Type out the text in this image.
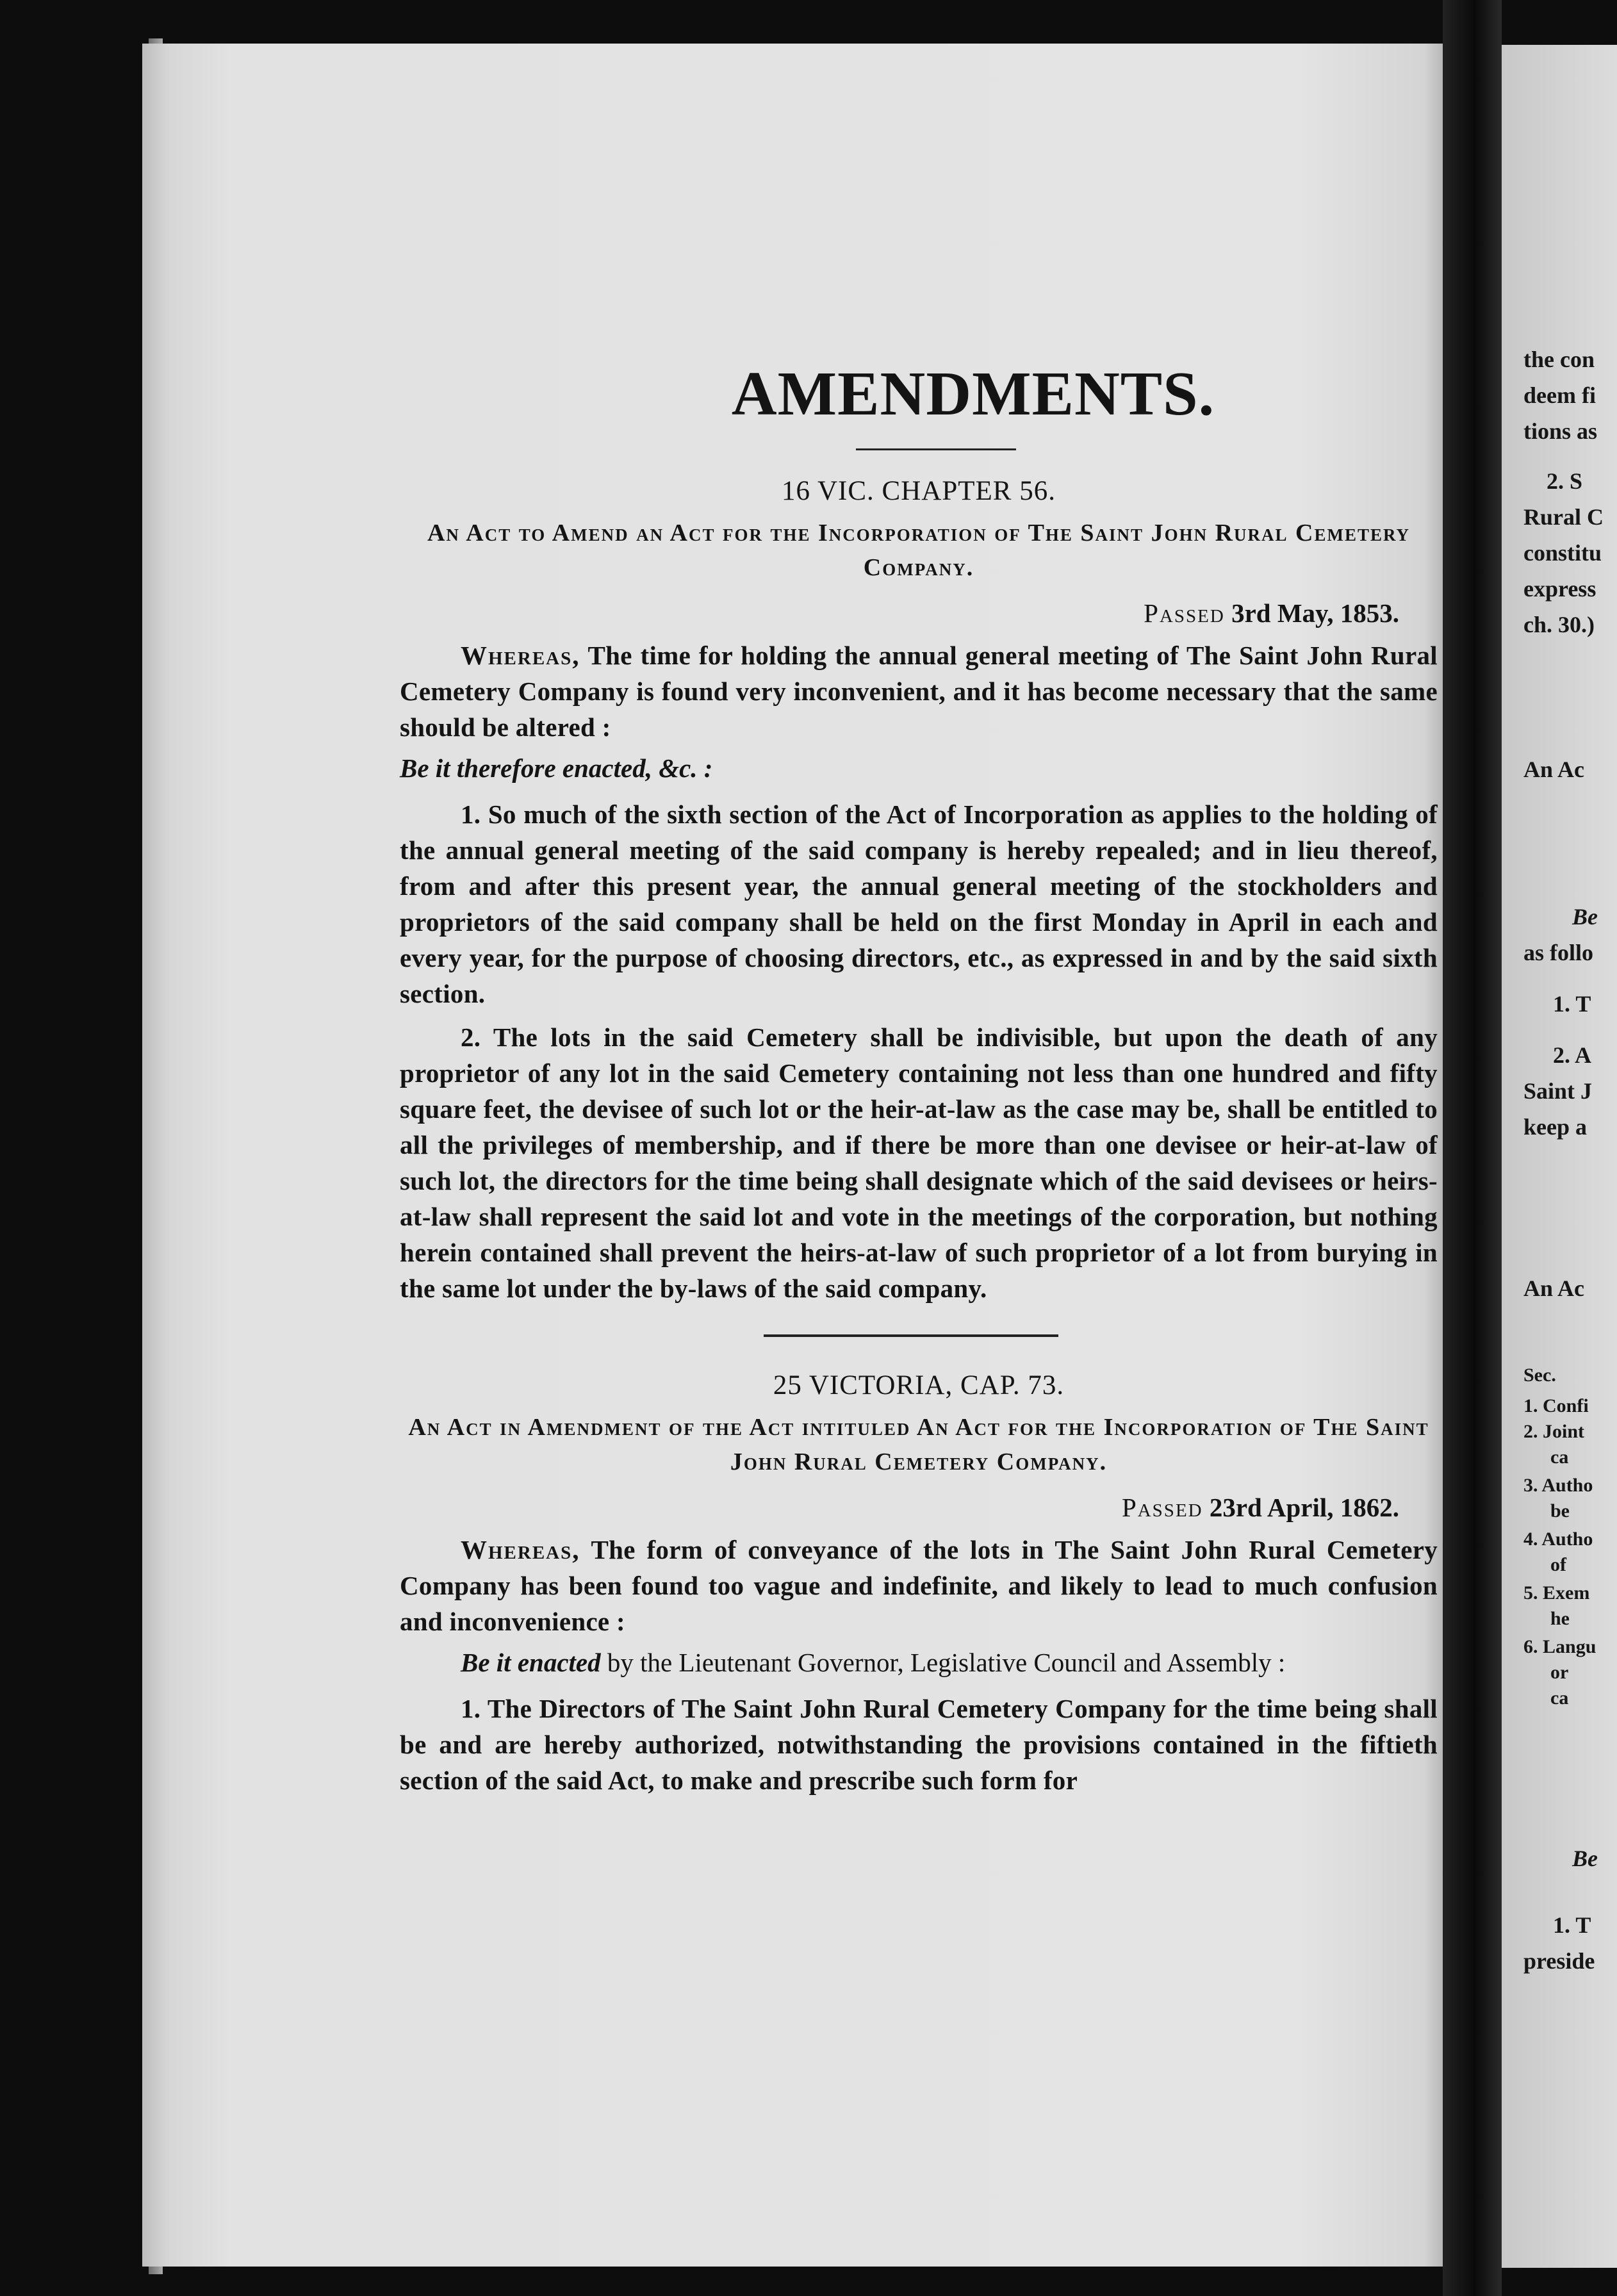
the con
deem fi
tions as
2. S
Rural C
constitu
express
ch. 30.)
An Ac
Be
as follo
1. T
2. A
Saint J
keep a
An Ac
Sec.
1. Confi
2. Joint
ca
3. Autho
be
4. Autho
of
5. Exem
he
6. Langu
or
ca
Be
1. T
preside
AMENDMENTS.
16 VIC. CHAPTER 56.
An Act to Amend an Act for the Incorporation of The Saint John Rural Cemetery Company.
Passed 3rd May, 1853.

Whereas, The time for holding the annual general meeting of The Saint John Rural Cemetery Company is found very inconvenient, and it has become necessary that the same should be altered :

Be it therefore enacted, &c. :

1. So much of the sixth section of the Act of Incorporation as applies to the holding of the annual general meeting of the said company is hereby repealed; and in lieu thereof, from and after this present year, the annual general meeting of the stockholders and proprietors of the said company shall be held on the first Monday in April in each and every year, for the purpose of choosing directors, etc., as expressed in and by the said sixth section.

2. The lots in the said Cemetery shall be indivisible, but upon the death of any proprietor of any lot in the said Cemetery containing not less than one hundred and fifty square feet, the devisee of such lot or the heir-at-law as the case may be, shall be entitled to all the privileges of membership, and if there be more than one devisee or heir-at-law of such lot, the directors for the time being shall designate which of the said devisees or heirs-at-law shall represent the said lot and vote in the meetings of the corporation, but nothing herein contained shall prevent the heirs-at-law of such proprietor of a lot from burying in the same lot under the by-laws of the said company.

25 VICTORIA, CAP. 73.
An Act in Amendment of the Act intituled An Act for the Incorporation of The Saint John Rural Cemetery Company.
Passed 23rd April, 1862.

Whereas, The form of conveyance of the lots in The Saint John Rural Cemetery Company has been found too vague and indefinite, and likely to lead to much confusion and inconvenience :

Be it enacted by the Lieutenant Governor, Legislative Council and Assembly :

1. The Directors of The Saint John Rural Cemetery Company for the time being shall be and are hereby authorized, notwithstanding the provisions contained in the fiftieth section of the said Act, to make and prescribe such form for
